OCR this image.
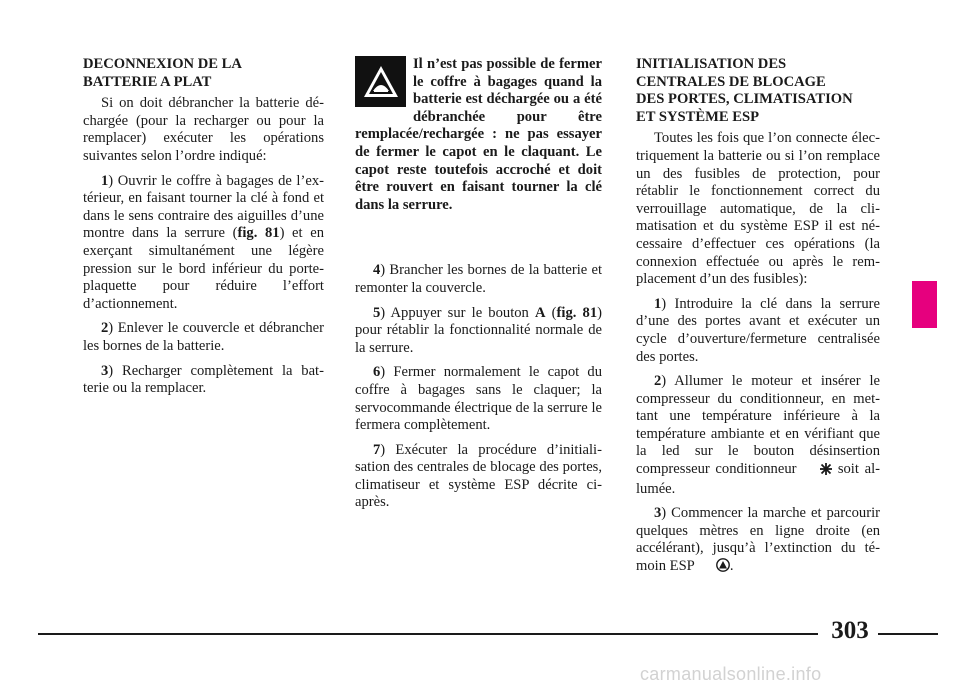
DECONNEXION DE LA
BATTERIE A PLAT

Si on doit débrancher la batterie déchargée (pour la recharger ou pour la remplacer) exécuter les opérations suivantes selon l’ordre indiqué:

1) Ouvrir le coffre à bagages de l’extérieur, en faisant tourner la clé à fond et dans le sens contraire des aiguilles d’une montre dans la serrure (fig. 81) et en exerçant simultanément une légère pression sur le bord inférieur du porte-plaquette pour réduire l’effort d’actionnement.

2) Enlever le couvercle et débrancher les bornes de la batterie.

3) Recharger complètement la batterie ou la remplacer.

Il n’est pas possible de fermer le coffre à bagages quand la batterie est déchargée ou a été débranchée pour être remplacée/rechargée : ne pas essayer de fermer le capot en le claquant. Le capot reste toutefois accroché et doit être rouvert en faisant tourner la clé dans la serrure.

4) Brancher les bornes de la batterie et remonter la couvercle.

5) Appuyer sur le bouton A (fig. 81) pour rétablir la fonctionnalité normale de la serrure.

6) Fermer normalement le capot du coffre à bagages sans le claquer; la servocommande électrique de la serrure le fermera complètement.

7) Exécuter la procédure d’initialisation des centrales de blocage des portes, climatiseur et système ESP décrite ci-après.

INITIALISATION DES
CENTRALES DE BLOCAGE
DES PORTES, CLIMATISATION
ET SYSTÈME ESP

Toutes les fois que l’on connecte électriquement la batterie ou si l’on remplace un des fusibles de protection, pour rétablir le fonctionnement correct du verrouillage automatique, de la climatisation et du système ESP il est nécessaire d’effectuer ces opérations (la connexion effectuée ou après le remplacement d’un des fusibles):

1) Introduire la clé dans la serrure d’une des portes avant et exécuter un cycle d’ouverture/fermeture centralisée des portes.

2) Allumer le moteur et insérer le compresseur du conditionneur, en mettant une température inférieure à la température ambiante et en vérifiant que la led sur le bouton désinsertion compresseur conditionneur  soit allumée.

3) Commencer la marche et parcourir quelques mètres en ligne droite (en accélérant), jusqu’à l’extinction du témoin ESP .

303
carmanualsonline.info
